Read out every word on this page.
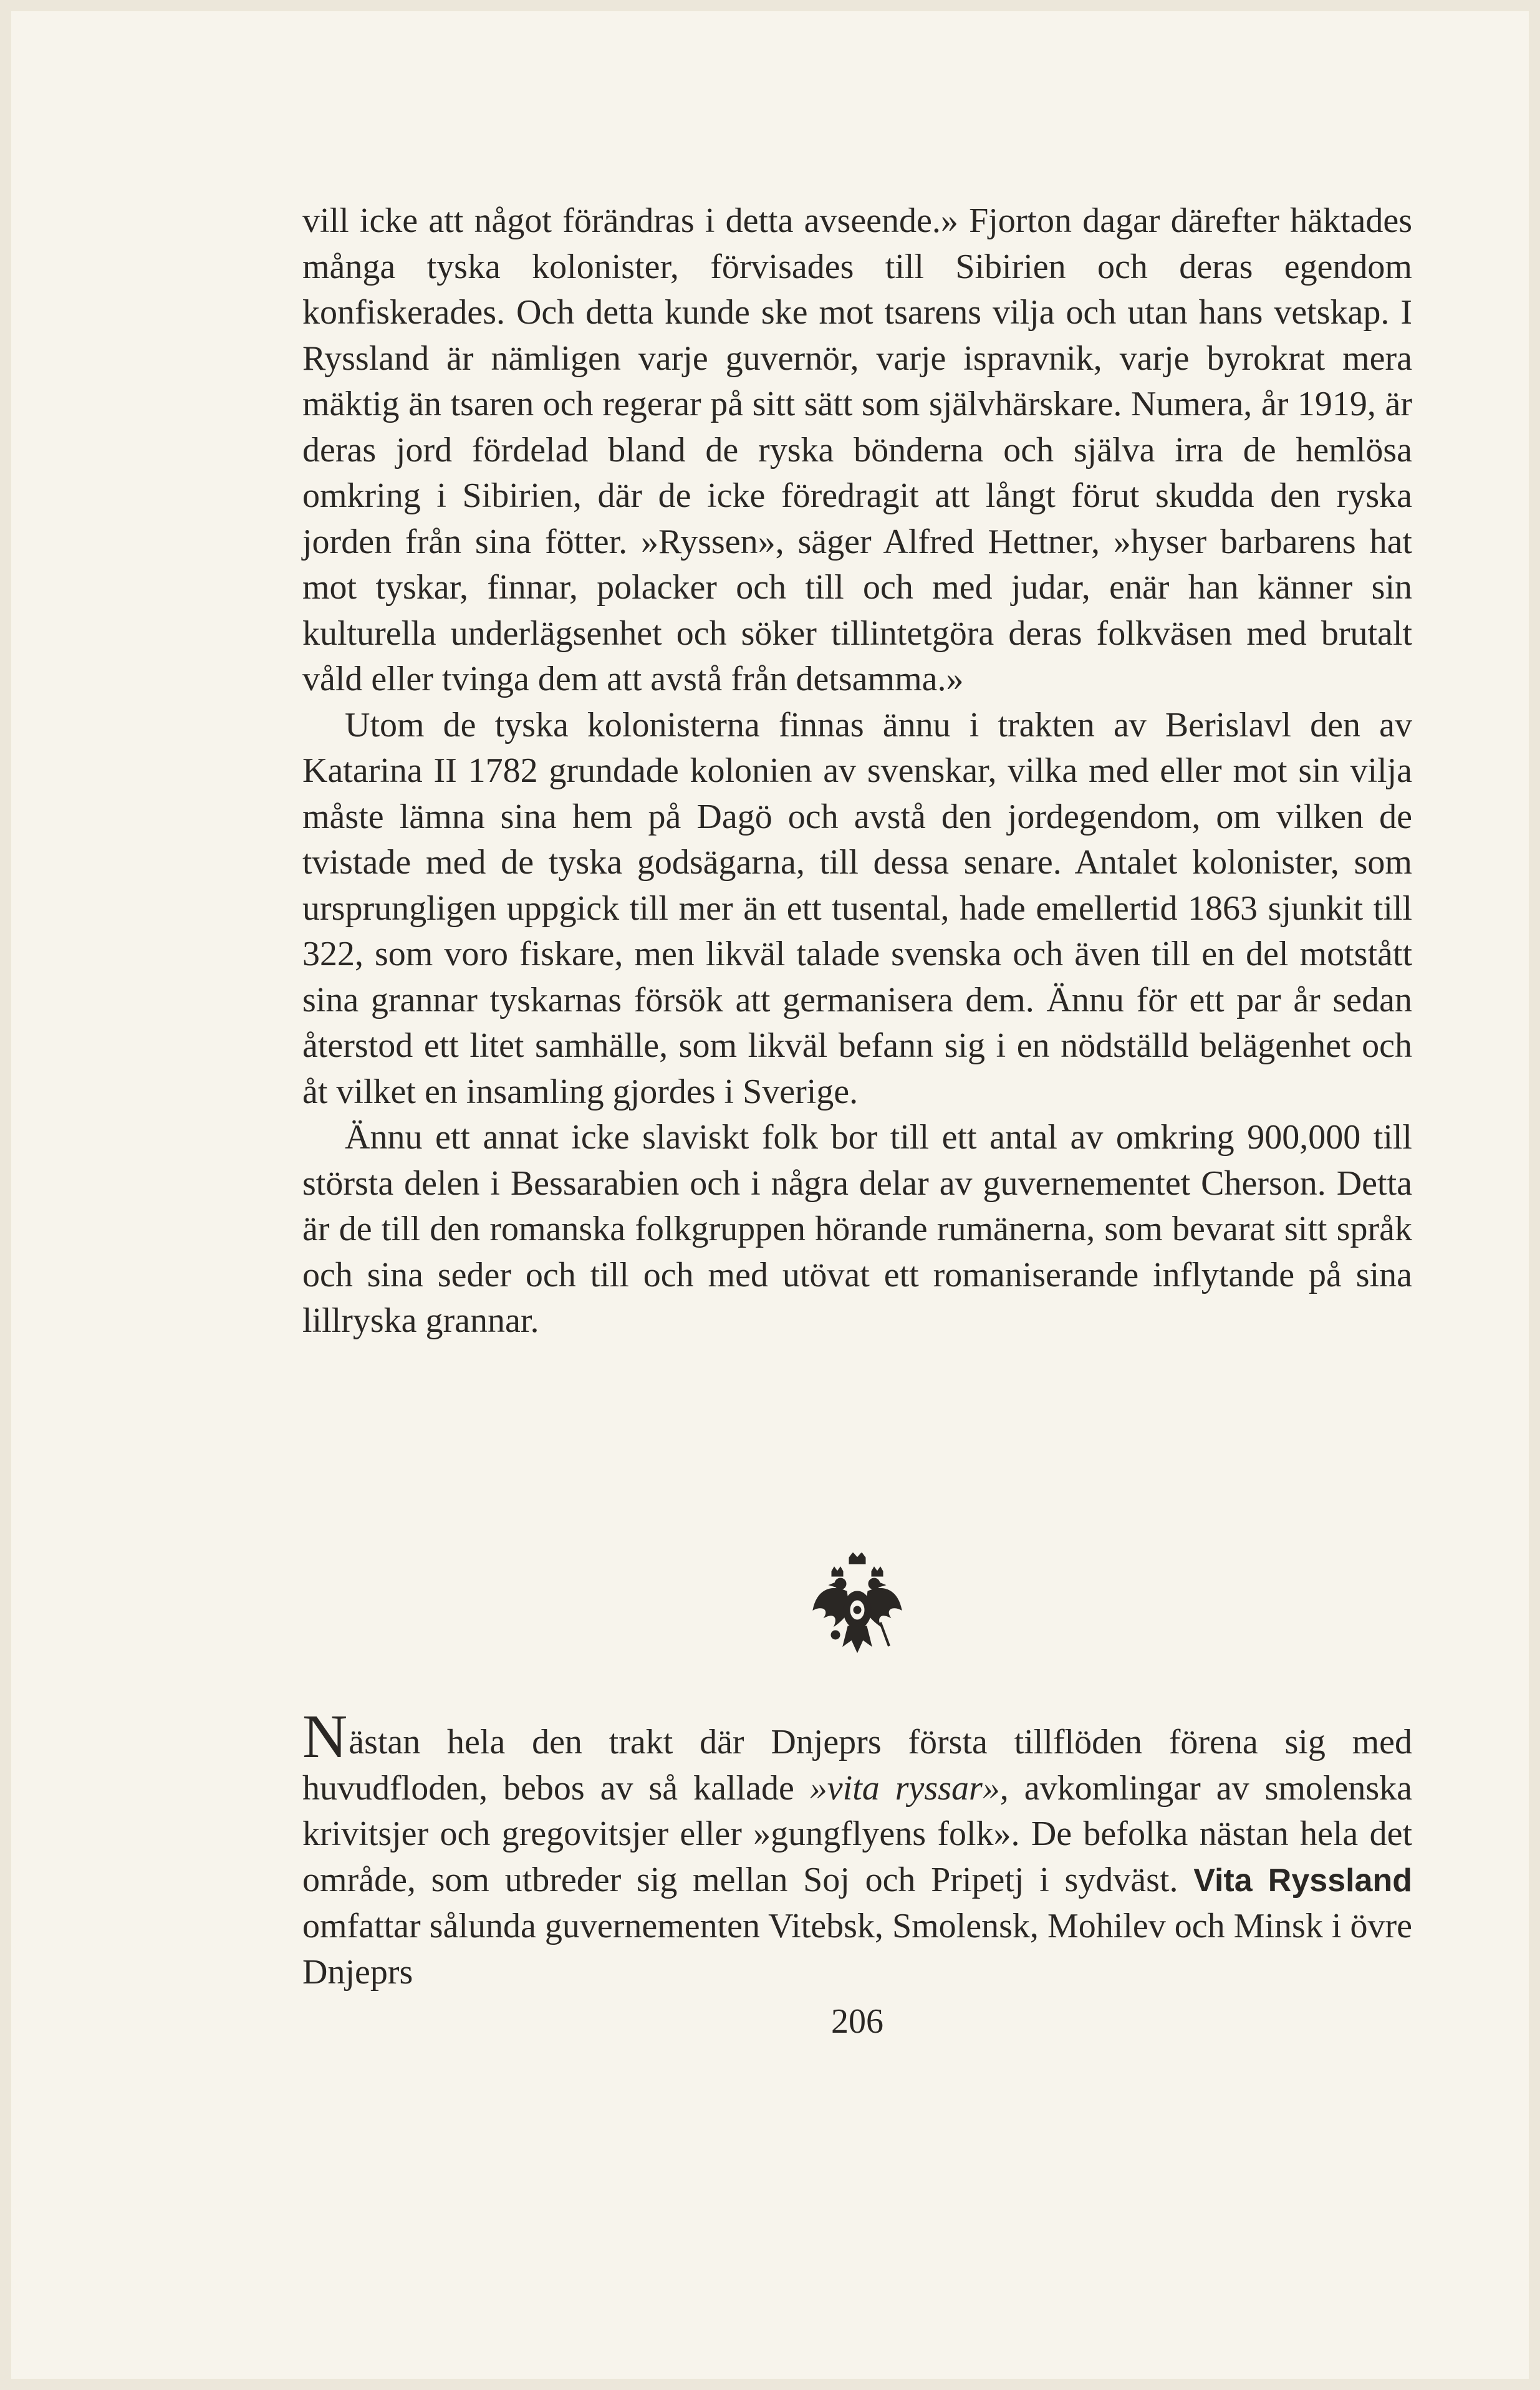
vill icke att något förändras i detta avseende.» Fjorton dagar därefter häktades många tyska kolonister, förvisades till Sibirien och deras egendom konfiskerades. Och detta kunde ske mot tsarens vilja och utan hans vetskap. I Ryssland är nämligen varje guvernör, varje ispravnik, varje byrokrat mera mäktig än tsaren och regerar på sitt sätt som självhärskare. Numera, år 1919, är deras jord fördelad bland de ryska bönderna och själva irra de hemlösa omkring i Sibirien, där de icke föredragit att långt förut skudda den ryska jorden från sina fötter. »Ryssen», säger Alfred Hettner, »hyser barbarens hat mot tyskar, finnar, polacker och till och med judar, enär han känner sin kulturella underlägsenhet och söker tillintetgöra deras folkväsen med brutalt våld eller tvinga dem att avstå från detsamma.»

Utom de tyska kolonisterna finnas ännu i trakten av Berislavl den av Katarina II 1782 grundade kolonien av svenskar, vilka med eller mot sin vilja måste lämna sina hem på Dagö och avstå den jordegendom, om vilken de tvistade med de tyska godsägarna, till dessa senare. Antalet kolonister, som ursprungligen uppgick till mer än ett tusental, hade emellertid 1863 sjunkit till 322, som voro fiskare, men likväl talade svenska och även till en del motstått sina grannar tyskarnas försök att germanisera dem. Ännu för ett par år sedan återstod ett litet samhälle, som likväl befann sig i en nödställd belägenhet och åt vilket en insamling gjordes i Sverige.

Ännu ett annat icke slaviskt folk bor till ett antal av omkring 900,000 till största delen i Bessarabien och i några delar av guvernementet Cherson. Detta är de till den romanska folkgruppen hörande rumänerna, som bevarat sitt språk och sina seder och till och med utövat ett romaniserande inflytande på sina lillryska grannar.

Nästan hela den trakt där Dnjeprs första tillflöden förena sig med huvudfloden, bebos av så kallade »vita ryssar», avkomlingar av smolenska krivitsjer och gregovitsjer eller »gungflyens folk». De befolka nästan hela det område, som utbreder sig mellan Soj och Pripetj i sydväst. Vita Ryssland omfattar sålunda guvernementen Vitebsk, Smolensk, Mohilev och Minsk i övre Dnjeprs

206
